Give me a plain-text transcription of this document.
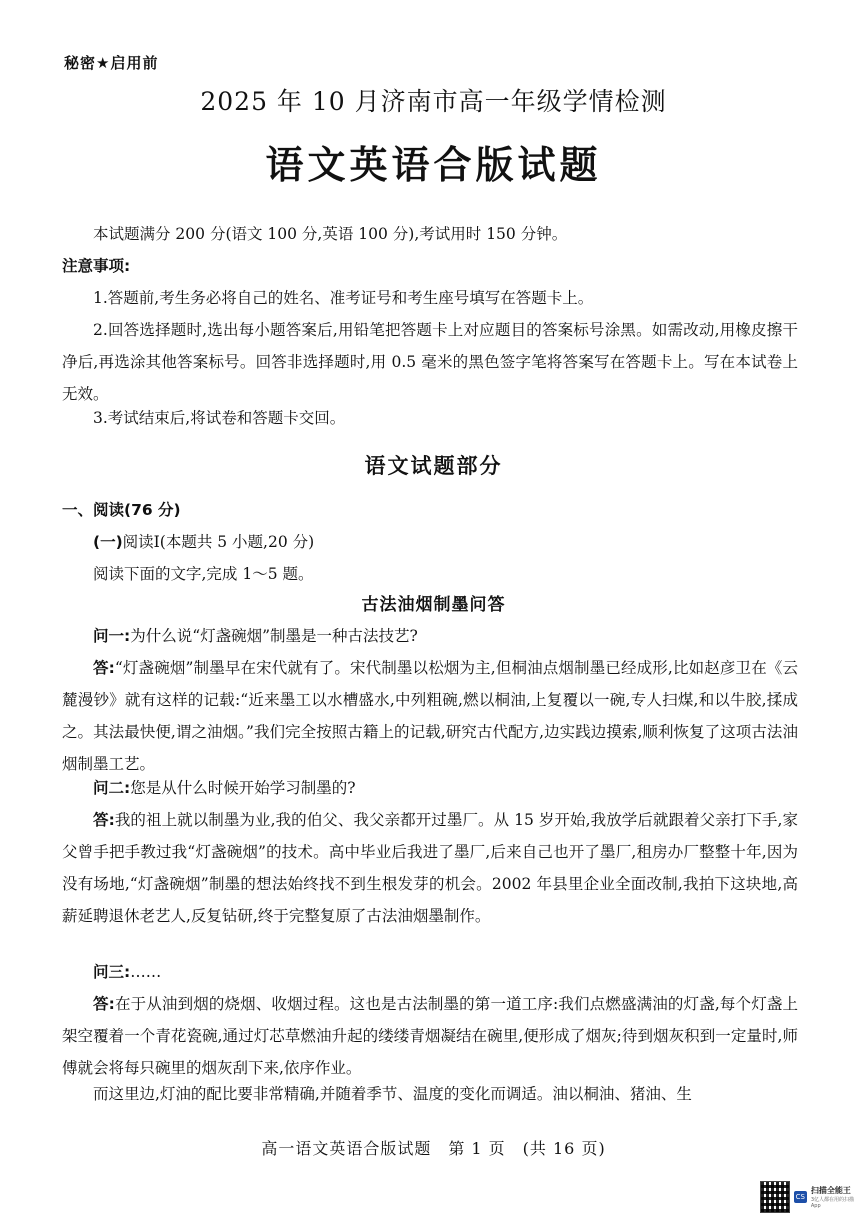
秘密★启用前
2025 年 10 月济南市高一年级学情检测
语文英语合版试题
本试题满分 200 分(语文 100 分,英语 100 分),考试用时 150 分钟。
注意事项:
1.答题前,考生务必将自己的姓名、准考证号和考生座号填写在答题卡上。
2.回答选择题时,选出每小题答案后,用铅笔把答题卡上对应题目的答案标号涂黑。如需改动,用橡皮擦干净后,再选涂其他答案标号。回答非选择题时,用 0.5 毫米的黑色签字笔将答案写在答题卡上。写在本试卷上无效。
3.考试结束后,将试卷和答题卡交回。
语文试题部分
一、阅读(76 分)
(一)阅读Ⅰ(本题共 5 小题,20 分)
阅读下面的文字,完成 1～5 题。
古法油烟制墨问答
问一:为什么说“灯盏碗烟”制墨是一种古法技艺?
答:“灯盏碗烟”制墨早在宋代就有了。宋代制墨以松烟为主,但桐油点烟制墨已经成形,比如赵彦卫在《云麓漫钞》就有这样的记载:“近来墨工以水槽盛水,中列粗碗,燃以桐油,上复覆以一碗,专人扫煤,和以牛胶,揉成之。其法最快便,谓之油烟。”我们完全按照古籍上的记载,研究古代配方,边实践边摸索,顺利恢复了这项古法油烟制墨工艺。
问二:您是从什么时候开始学习制墨的?
答:我的祖上就以制墨为业,我的伯父、我父亲都开过墨厂。从 15 岁开始,我放学后就跟着父亲打下手,家父曾手把手教过我“灯盏碗烟”的技术。高中毕业后我进了墨厂,后来自己也开了墨厂,租房办厂整整十年,因为没有场地,“灯盏碗烟”制墨的想法始终找不到生根发芽的机会。2002 年县里企业全面改制,我拍下这块地,高薪延聘退休老艺人,反复钻研,终于完整复原了古法油烟墨制作。
问三:……
答:在于从油到烟的烧烟、收烟过程。这也是古法制墨的第一道工序:我们点燃盛满油的灯盏,每个灯盏上架空覆着一个青花瓷碗,通过灯芯草燃油升起的缕缕青烟凝结在碗里,便形成了烟灰;待到烟灰积到一定量时,师傅就会将每只碗里的烟灰刮下来,依序作业。
而这里边,灯油的配比要非常精确,并随着季节、温度的变化而调适。油以桐油、猪油、生
高一语文英语合版试题　第 1 页　(共 16 页)
CS
扫描全能王
3亿人都在用的扫描App
